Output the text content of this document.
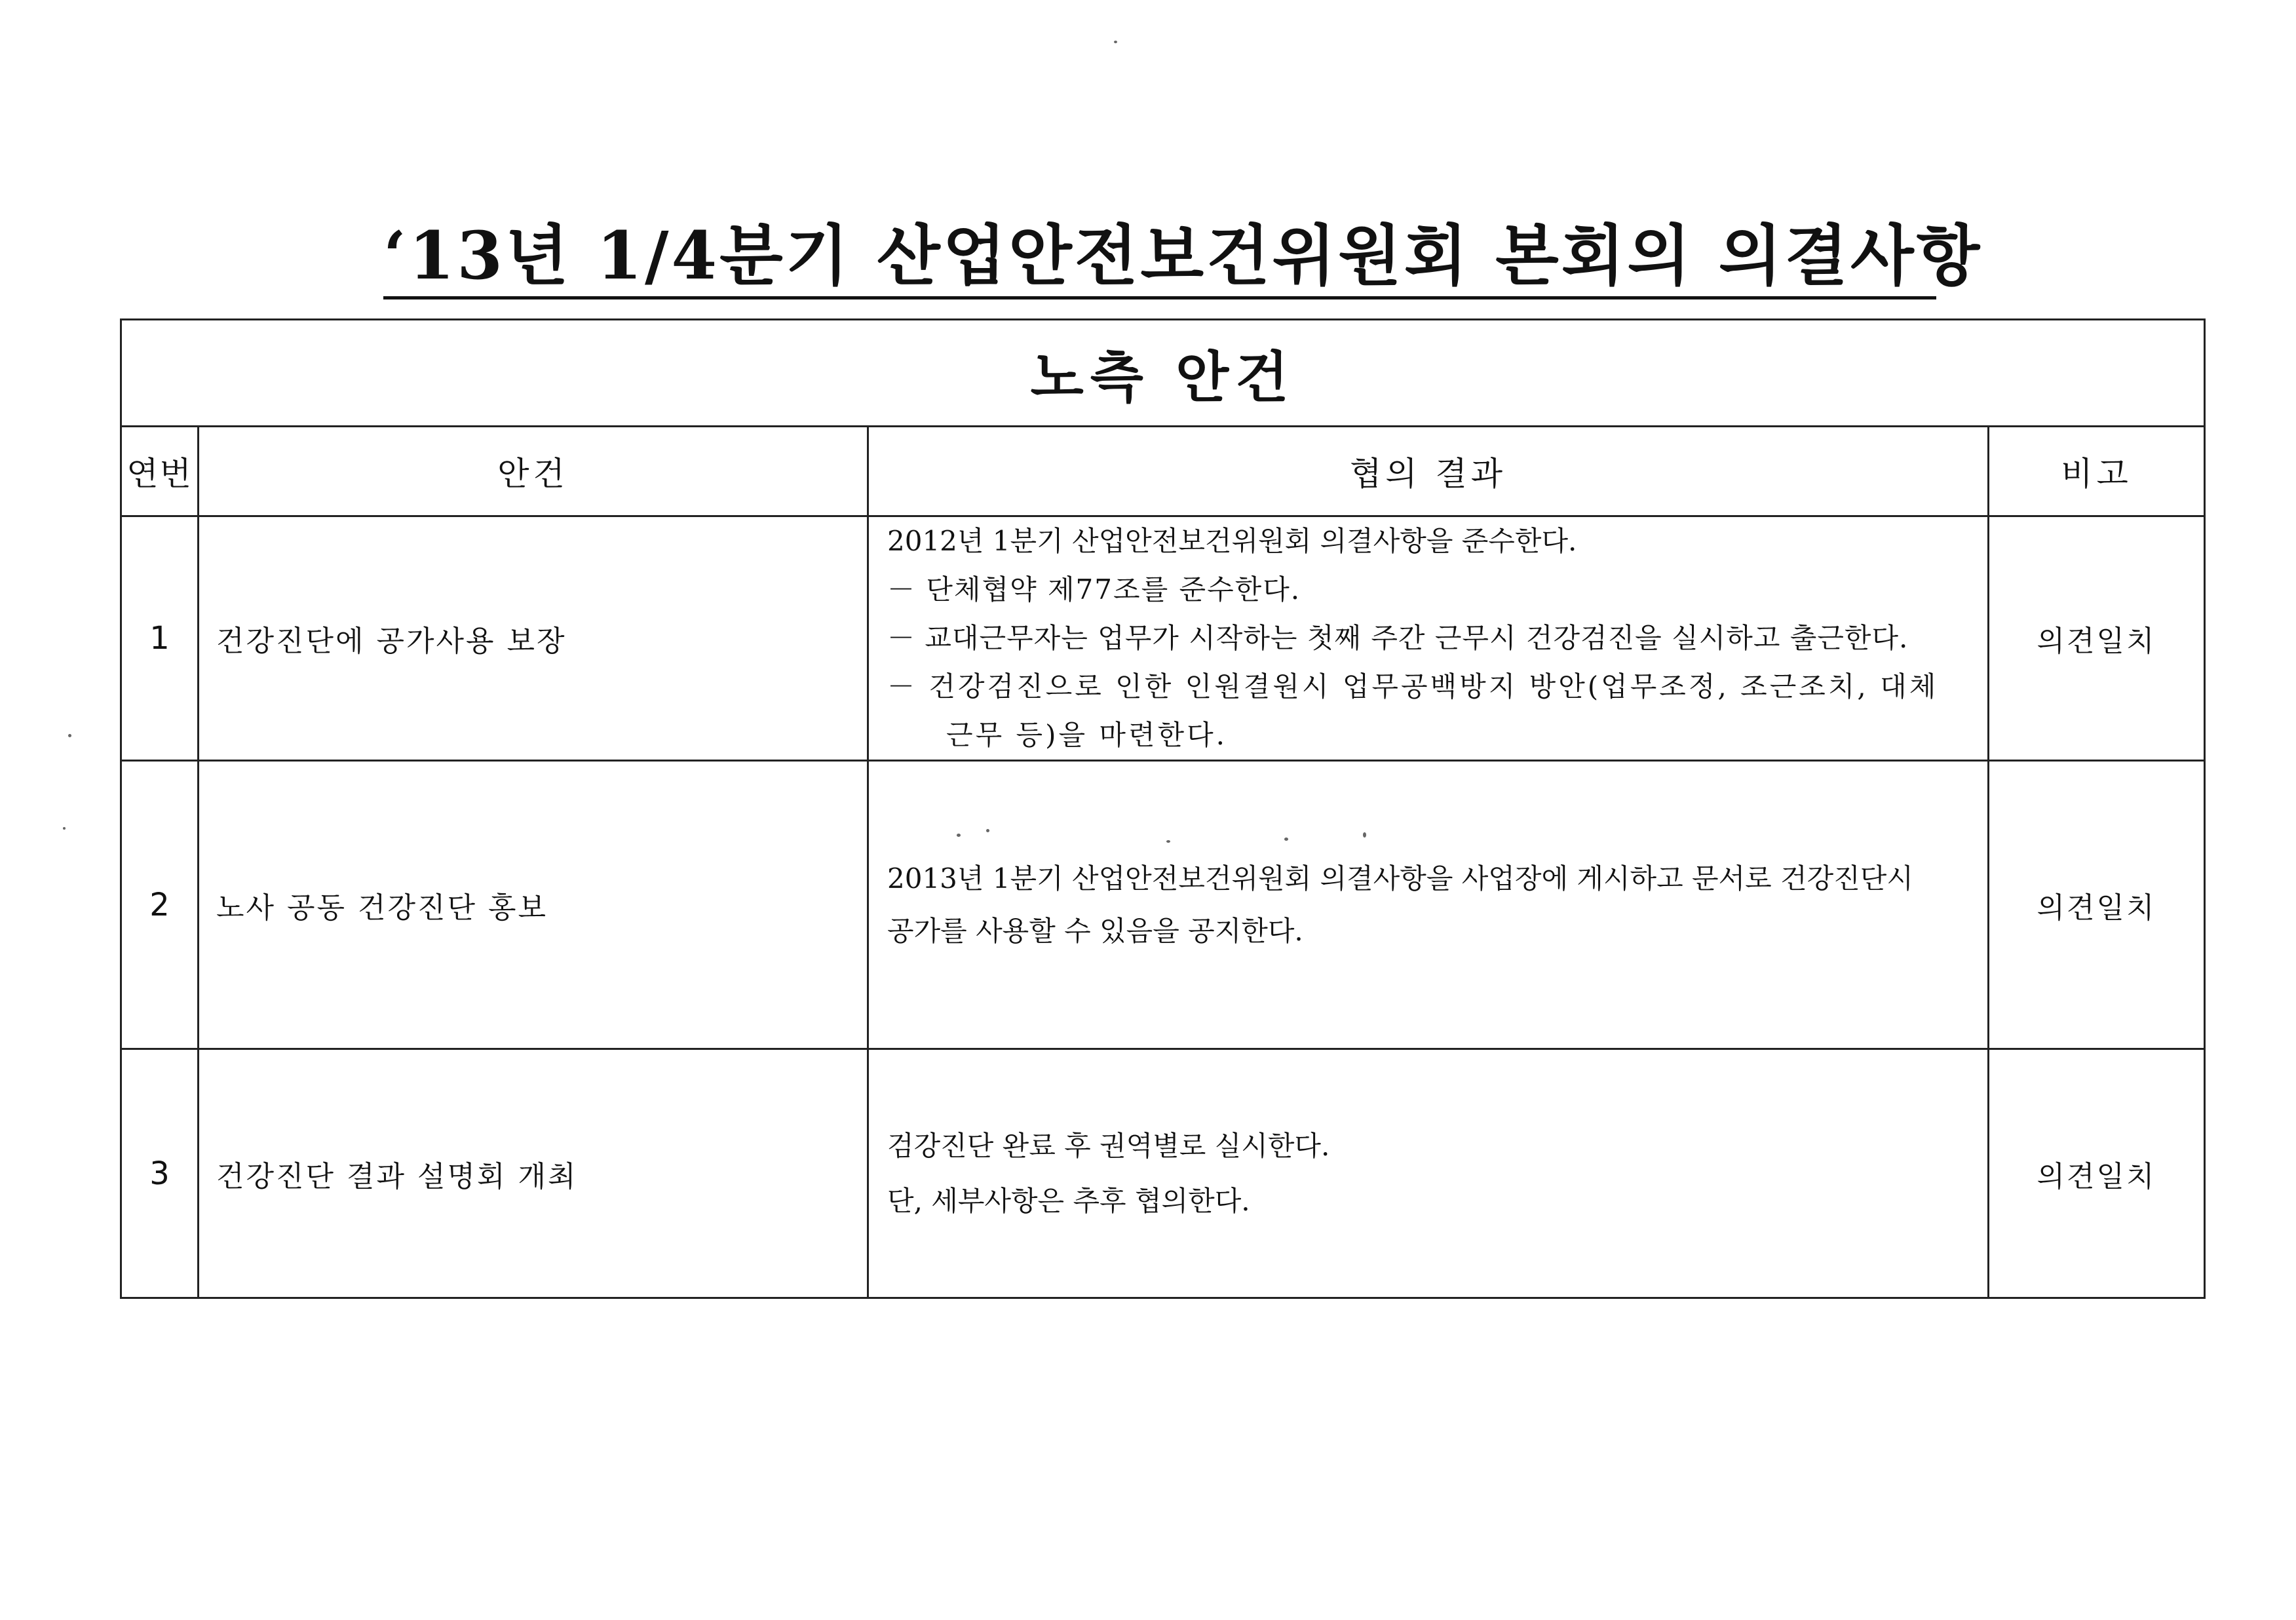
‘13년 1/4분기 산업안전보건위원회 본회의 의결사항
노측 안건			
연번	안건	협의 결과	비고
1	건강진단에 공가사용 보장	2012년 1분기 산업안전보건위원회 의결사항을 준수한다.
－ 단체협약 제77조를 준수한다.
－ 교대근무자는 업무가 시작하는 첫째 주간 근무시 건강검진을 실시하고 출근한다.
－ 건강검진으로 인한 인원결원시 업무공백방지 방안(업무조정, 조근조치, 대체
근무 등)을 마련한다.	의견일치
2	노사 공동 건강진단 홍보	2013년 1분기 산업안전보건위원회 의결사항을 사업장에 게시하고 문서로 건강진단시
공가를 사용할 수 있음을 공지한다.	의견일치
3	건강진단 결과 설명회 개최	검강진단 완료 후 권역별로 실시한다.
단, 세부사항은 추후 협의한다.	의견일치
